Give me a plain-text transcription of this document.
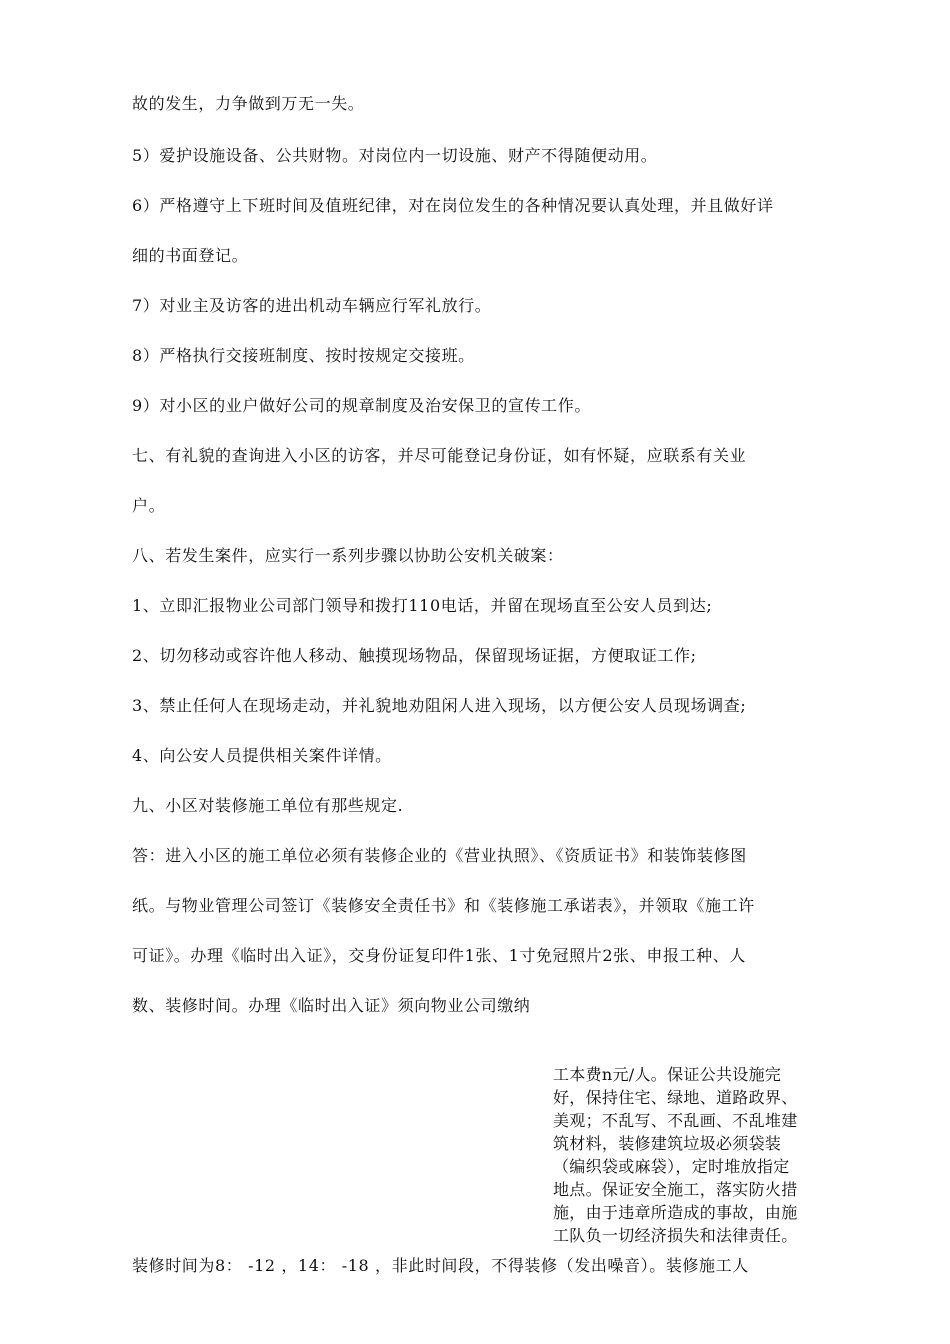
故的发生，力争做到万无一失。
5）爱护设施设备、公共财物。对岗位内一切设施、财产不得随便动用。
6）严格遵守上下班时间及值班纪律，对在岗位发生的各种情况要认真处理，并且做好详
细的书面登记。
7）对业主及访客的进出机动车辆应行军礼放行。
8）严格执行交接班制度、按时按规定交接班。
9）对小区的业户做好公司的规章制度及治安保卫的宣传工作。
七、有礼貌的查询进入小区的访客，并尽可能登记身份证，如有怀疑，应联系有关业
户。
八、若发生案件，应实行一系列步骤以协助公安机关破案：
1、立即汇报物业公司部门领导和拨打110电话，并留在现场直至公安人员到达;
2、切勿移动或容许他人移动、触摸现场物品，保留现场证据，方便取证工作;
3、禁止任何人在现场走动，并礼貌地劝阻闲人进入现场，以方便公安人员现场调查;
4、向公安人员提供相关案件详情。
九、小区对装修施工单位有那些规定.
答：进入小区的施工单位必须有装修企业的《营业执照》、《资质证书》和装饰装修图
纸。与物业管理公司签订《装修安全责任书》和《装修施工承诺表》，并领取《施工许
可证》。办理《临时出入证》，交身份证复印件1张、1寸免冠照片2张、申报工种、人
数、装修时间。办理《临时出入证》须向物业公司缴纳
工本费n元/人。保证公共设施完
好，保持住宅、绿地、道路政界、
美观；不乱写、不乱画、不乱堆建
筑材料，装修建筑垃圾必须袋装
（编织袋或麻袋），定时堆放指定
地点。保证安全施工，落实防火措
施，由于违章所造成的事故，由施
工队负一切经济损失和法律责任。
装修时间为8： -12 ，14： -18 ，非此时间段，不得装修（发出噪音）。装修施工人
